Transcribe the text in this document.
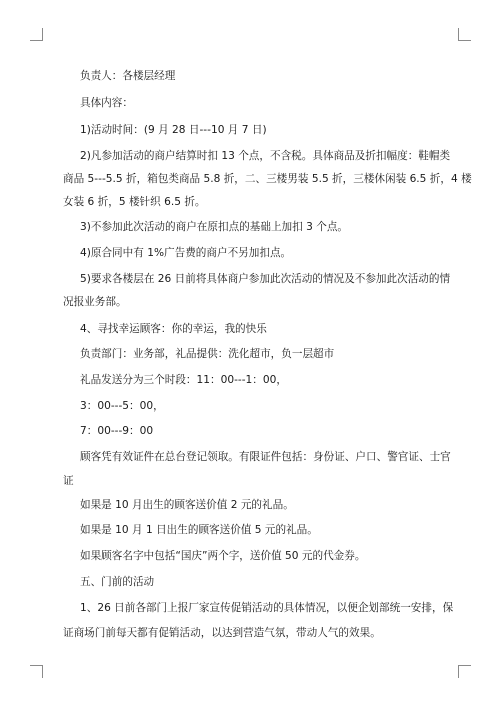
负责人：各楼层经理
具体内容：
1)活动时间：(9 月 28 日---10 月 7 日)
2)凡参加活动的商户结算时扣 13 个点，不含税。具体商品及折扣幅度：鞋帽类
商品 5---5.5 折，箱包类商品 5.8 折，二、三楼男装 5.5 折，三楼休闲装 6.5 折，4 楼
女装 6 折，5 楼针织 6.5 折。
3)不参加此次活动的商户在原扣点的基础上加扣 3 个点。
4)原合同中有 1%广告费的商户不另加扣点。
5)要求各楼层在 26 日前将具体商户参加此次活动的情况及不参加此次活动的情
况报业务部。
4、寻找幸运顾客：你的幸运，我的快乐
负责部门：业务部，礼品提供：洗化超市，负一层超市
礼品发送分为三个时段：11：00---1：00，
3：00---5：00，
7：00---9：00
顾客凭有效证件在总台登记领取。有限证件包括：身份证、户口、警官证、士官
证
如果是 10 月出生的顾客送价值 2 元的礼品。
如果是 10 月 1 日出生的顾客送价值 5 元的礼品。
如果顾客名字中包括“国庆”两个字，送价值 50 元的代金券。
五、门前的活动
1、26 日前各部门上报厂家宣传促销活动的具体情况，以便企划部统一安排，保
证商场门前每天都有促销活动，以达到营造气氛，带动人气的效果。
